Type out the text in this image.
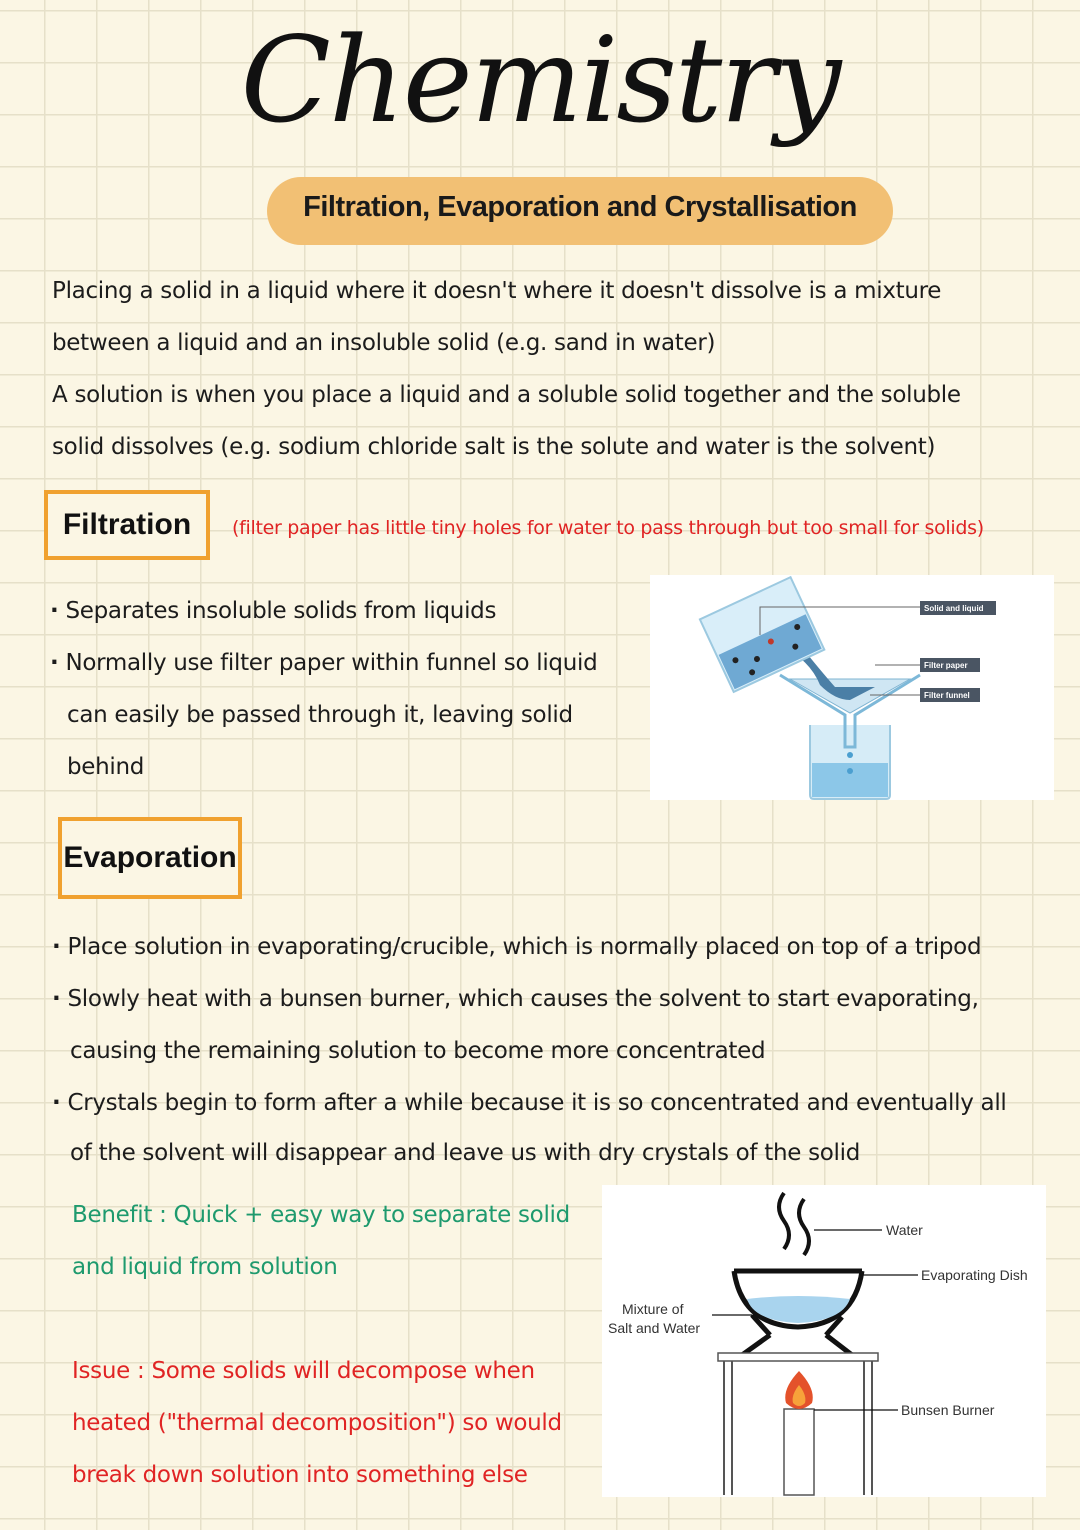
Chemistry
Filtration, Evaporation and Crystallisation
Placing a solid in a liquid where it doesn't where it doesn't dissolve is a mixture
between a liquid and an insoluble solid (e.g. sand in water)
A solution is when you place a liquid and a soluble solid together and the soluble
solid dissolves (e.g. sodium chloride salt is the solute and water is the solvent)
Filtration	(filter paper has little tiny holes for water to pass through but too small for solids)
· Separates insoluble solids from liquids
· Normally use filter paper within funnel so liquid
can easily be passed through it, leaving solid
behind
Solid and liquid
Filter paper
Filter funnel
Evaporation
· Place solution in evaporating/crucible, which is normally placed on top of a tripod
· Slowly heat with a bunsen burner, which causes the solvent to start evaporating,
causing the remaining solution to become more concentrated
· Crystals begin to form after a while because it is so concentrated and eventually all
of the solvent will disappear and leave us with dry crystals of the solid
Benefit : Quick + easy way to separate solid
and liquid from solution
Issue : Some solids will decompose when
heated ("thermal decomposition") so would
break down solution into something else
Water
Evaporating Dish
Mixture of
Salt and Water
Bunsen Burner
